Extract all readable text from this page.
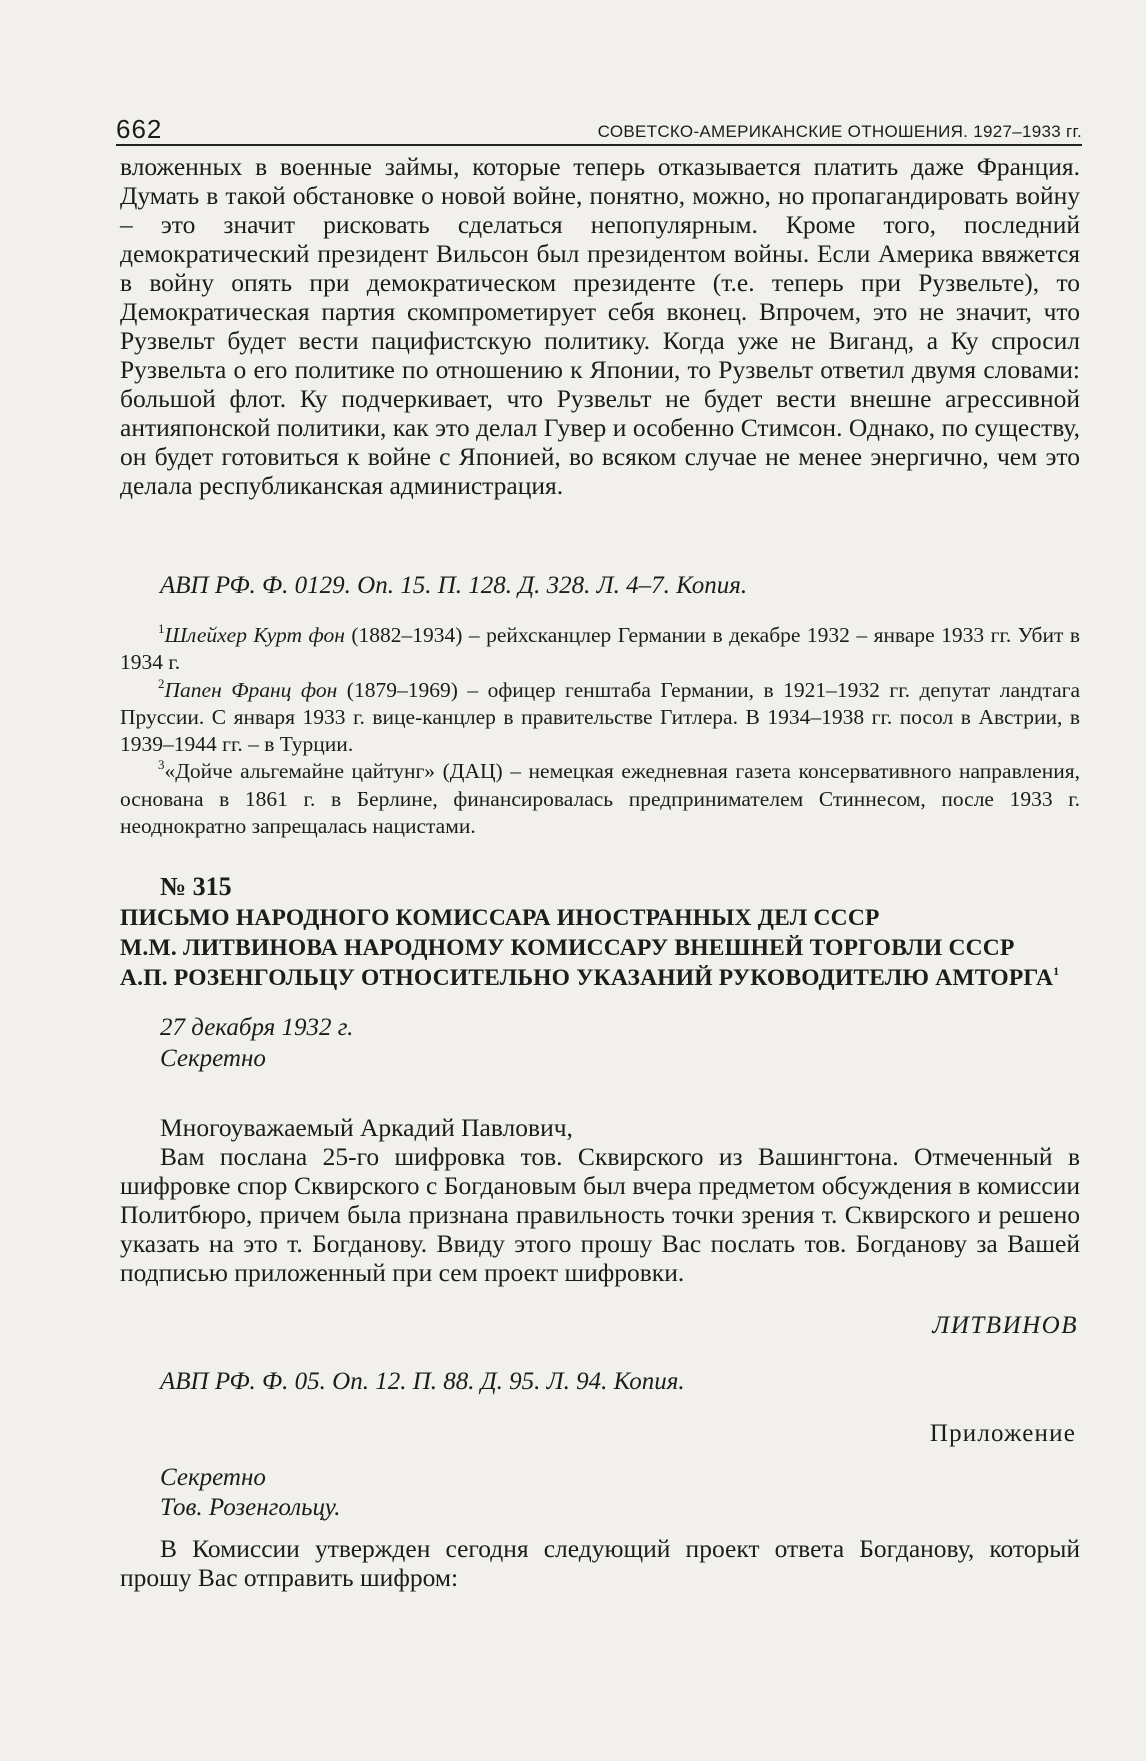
662	СОВЕТСКО-АМЕРИКАНСКИЕ ОТНОШЕНИЯ. 1927–1933 гг.

вложенных в военные займы, которые теперь отказывается платить даже Франция. Думать в такой обстановке о новой войне, понятно, можно, но пропагандировать войну – это значит рисковать сделаться непопулярным. Кроме того, последний демократический президент Вильсон был президентом войны. Если Америка ввяжется в войну опять при демократическом президенте (т.е. теперь при Рузвельте), то Демократическая партия скомпрометирует себя вконец. Впрочем, это не значит, что Рузвельт будет вести пацифистскую политику. Когда уже не Виганд, а Ку спросил Рузвельта о его политике по отношению к Японии, то Рузвельт ответил двумя словами: большой флот. Ку подчеркивает, что Рузвельт не будет вести внешне агрессивной антияпонской политики, как это делал Гувер и особенно Стимсон. Однако, по существу, он будет готовиться к войне с Японией, во всяком случае не менее энергично, чем это делала республиканская администрация.

АВП РФ. Ф. 0129. Оп. 15. П. 128. Д. 328. Л. 4–7. Копия.

$^1$Шлейхер Курт фон (1882–1934) – рейхсканцлер Германии в декабре 1932 – январе 1933 гг. Убит в 1934 г.

$^2$Папен Франц фон (1879–1969) – офицер генштаба Германии, в 1921–1932 гг. депутат ландтага Пруссии. С января 1933 г. вице-канцлер в правительстве Гитлера. В 1934–1938 гг. посол в Австрии, в 1939–1944 гг. – в Турции.

$^3$«Дойче альгемайне цайтунг» (ДАЦ) – немецкая ежедневная газета консервативного направления, основана в 1861 г. в Берлине, финансировалась предпринимателем Стиннесом, после 1933 г. неоднократно запрещалась нацистами.

№ 315
ПИСЬМО НАРОДНОГО КОМИССАРА ИНОСТРАННЫХ ДЕЛ СССР
М.М. ЛИТВИНОВА НАРОДНОМУ КОМИССАРУ ВНЕШНЕЙ ТОРГОВЛИ СССР
А.П. РОЗЕНГОЛЬЦУ ОТНОСИТЕЛЬНО УКАЗАНИЙ РУКОВОДИТЕЛЮ АМТОРГА$^1$
27 декабря 1932 г.
Секретно
Многоуважаемый Аркадий Павлович,

Вам послана 25-го шифровка тов. Сквирского из Вашингтона. Отмеченный в шифровке спор Сквирского с Богдановым был вчера предметом обсуждения в комиссии Политбюро, причем была признана правильность точки зрения т. Сквирского и решено указать на это т. Богданову. Ввиду этого прошу Вас послать тов. Богданову за Вашей подписью приложенный при сем проект шифровки.

ЛИТВИНОВ
АВП РФ. Ф. 05. Оп. 12. П. 88. Д. 95. Л. 94. Копия.
Приложение
Секретно
Тов. Розенгольцу.

В Комиссии утвержден сегодня следующий проект ответа Богданову, который прошу Вас отправить шифром:
